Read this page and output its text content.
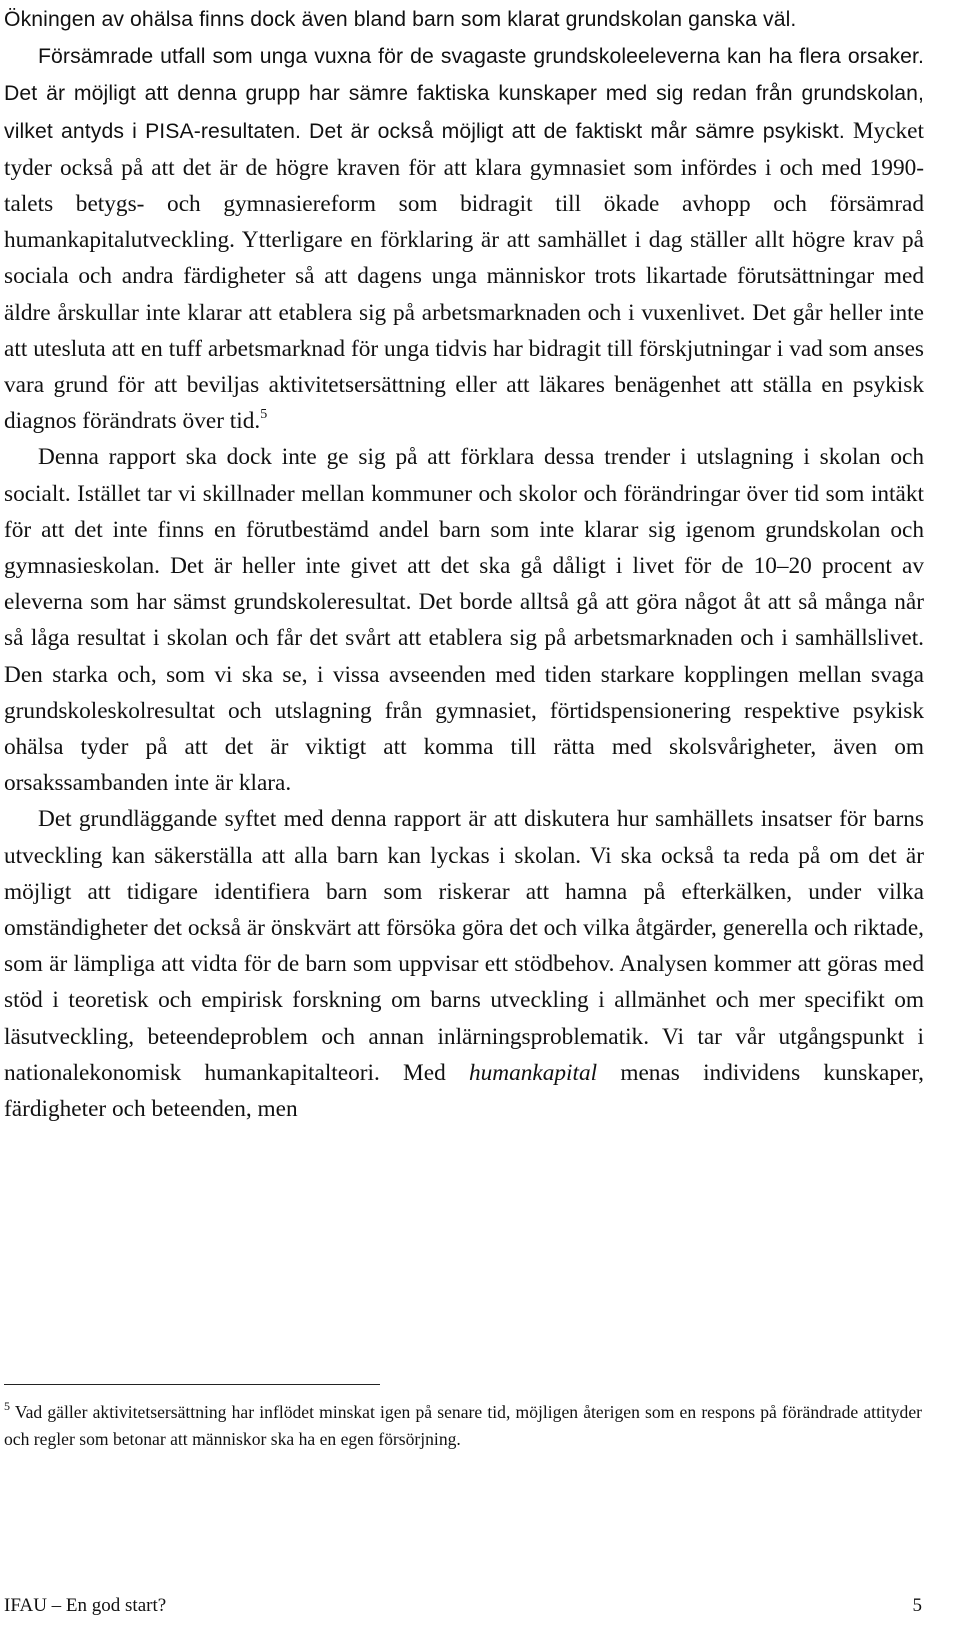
Ökningen av ohälsa finns dock även bland barn som klarat grundskolan ganska väl.

Försämrade utfall som unga vuxna för de svagaste grundskoleeleverna kan ha flera orsaker. Det är möjligt att denna grupp har sämre faktiska kunskaper med sig redan från grundskolan, vilket antyds i PISA-resultaten. Det är också möjligt att de faktiskt mår sämre psykiskt. Mycket tyder också på att det är de högre kraven för att klara gymnasiet som infördes i och med 1990-talets betygs- och gymnasiereform som bidragit till ökade avhopp och försämrad humankapitalutveckling. Ytterligare en förklaring är att samhället i dag ställer allt högre krav på sociala och andra färdigheter så att dagens unga människor trots likartade förutsättningar med äldre årskullar inte klarar att etablera sig på arbetsmarknaden och i vuxenlivet. Det går heller inte att utesluta att en tuff arbetsmarknad för unga tidvis har bidragit till förskjutningar i vad som anses vara grund för att beviljas aktivitetsersättning eller att läkares benägenhet att ställa en psykisk diagnos förändrats över tid.$^5$

Denna rapport ska dock inte ge sig på att förklara dessa trender i utslagning i skolan och socialt. Istället tar vi skillnader mellan kommuner och skolor och förändringar över tid som intäkt för att det inte finns en förutbestämd andel barn som inte klarar sig igenom grundskolan och gymnasieskolan. Det är heller inte givet att det ska gå dåligt i livet för de 10–20 procent av eleverna som har sämst grundskoleresultat. Det borde alltså gå att göra något åt att så många når så låga resultat i skolan och får det svårt att etablera sig på arbetsmarknaden och i samhällslivet. Den starka och, som vi ska se, i vissa avseenden med tiden starkare kopplingen mellan svaga grundskoleskolresultat och utslagning från gymnasiet, förtidspensionering respektive psykisk ohälsa tyder på att det är viktigt att komma till rätta med skolsvårigheter, även om orsakssambanden inte är klara.

Det grundläggande syftet med denna rapport är att diskutera hur samhällets insatser för barns utveckling kan säkerställa att alla barn kan lyckas i skolan. Vi ska också ta reda på om det är möjligt att tidigare identifiera barn som riskerar att hamna på efterkälken, under vilka omständigheter det också är önskvärt att försöka göra det och vilka åtgärder, generella och riktade, som är lämpliga att vidta för de barn som uppvisar ett stödbehov. Analysen kommer att göras med stöd i teoretisk och empirisk forskning om barns utveckling i allmänhet och mer specifikt om läsutveckling, beteendeproblem och annan inlärningsproblematik. Vi tar vår utgångspunkt i nationalekonomisk humankapitalteori. Med humankapital menas individens kunskaper, färdigheter och beteenden, men

$^5$ Vad gäller aktivitetsersättning har inflödet minskat igen på senare tid, möjligen återigen som en respons på förändrade attityder och regler som betonar att människor ska ha en egen försörjning.
IFAU – En god start?	5
